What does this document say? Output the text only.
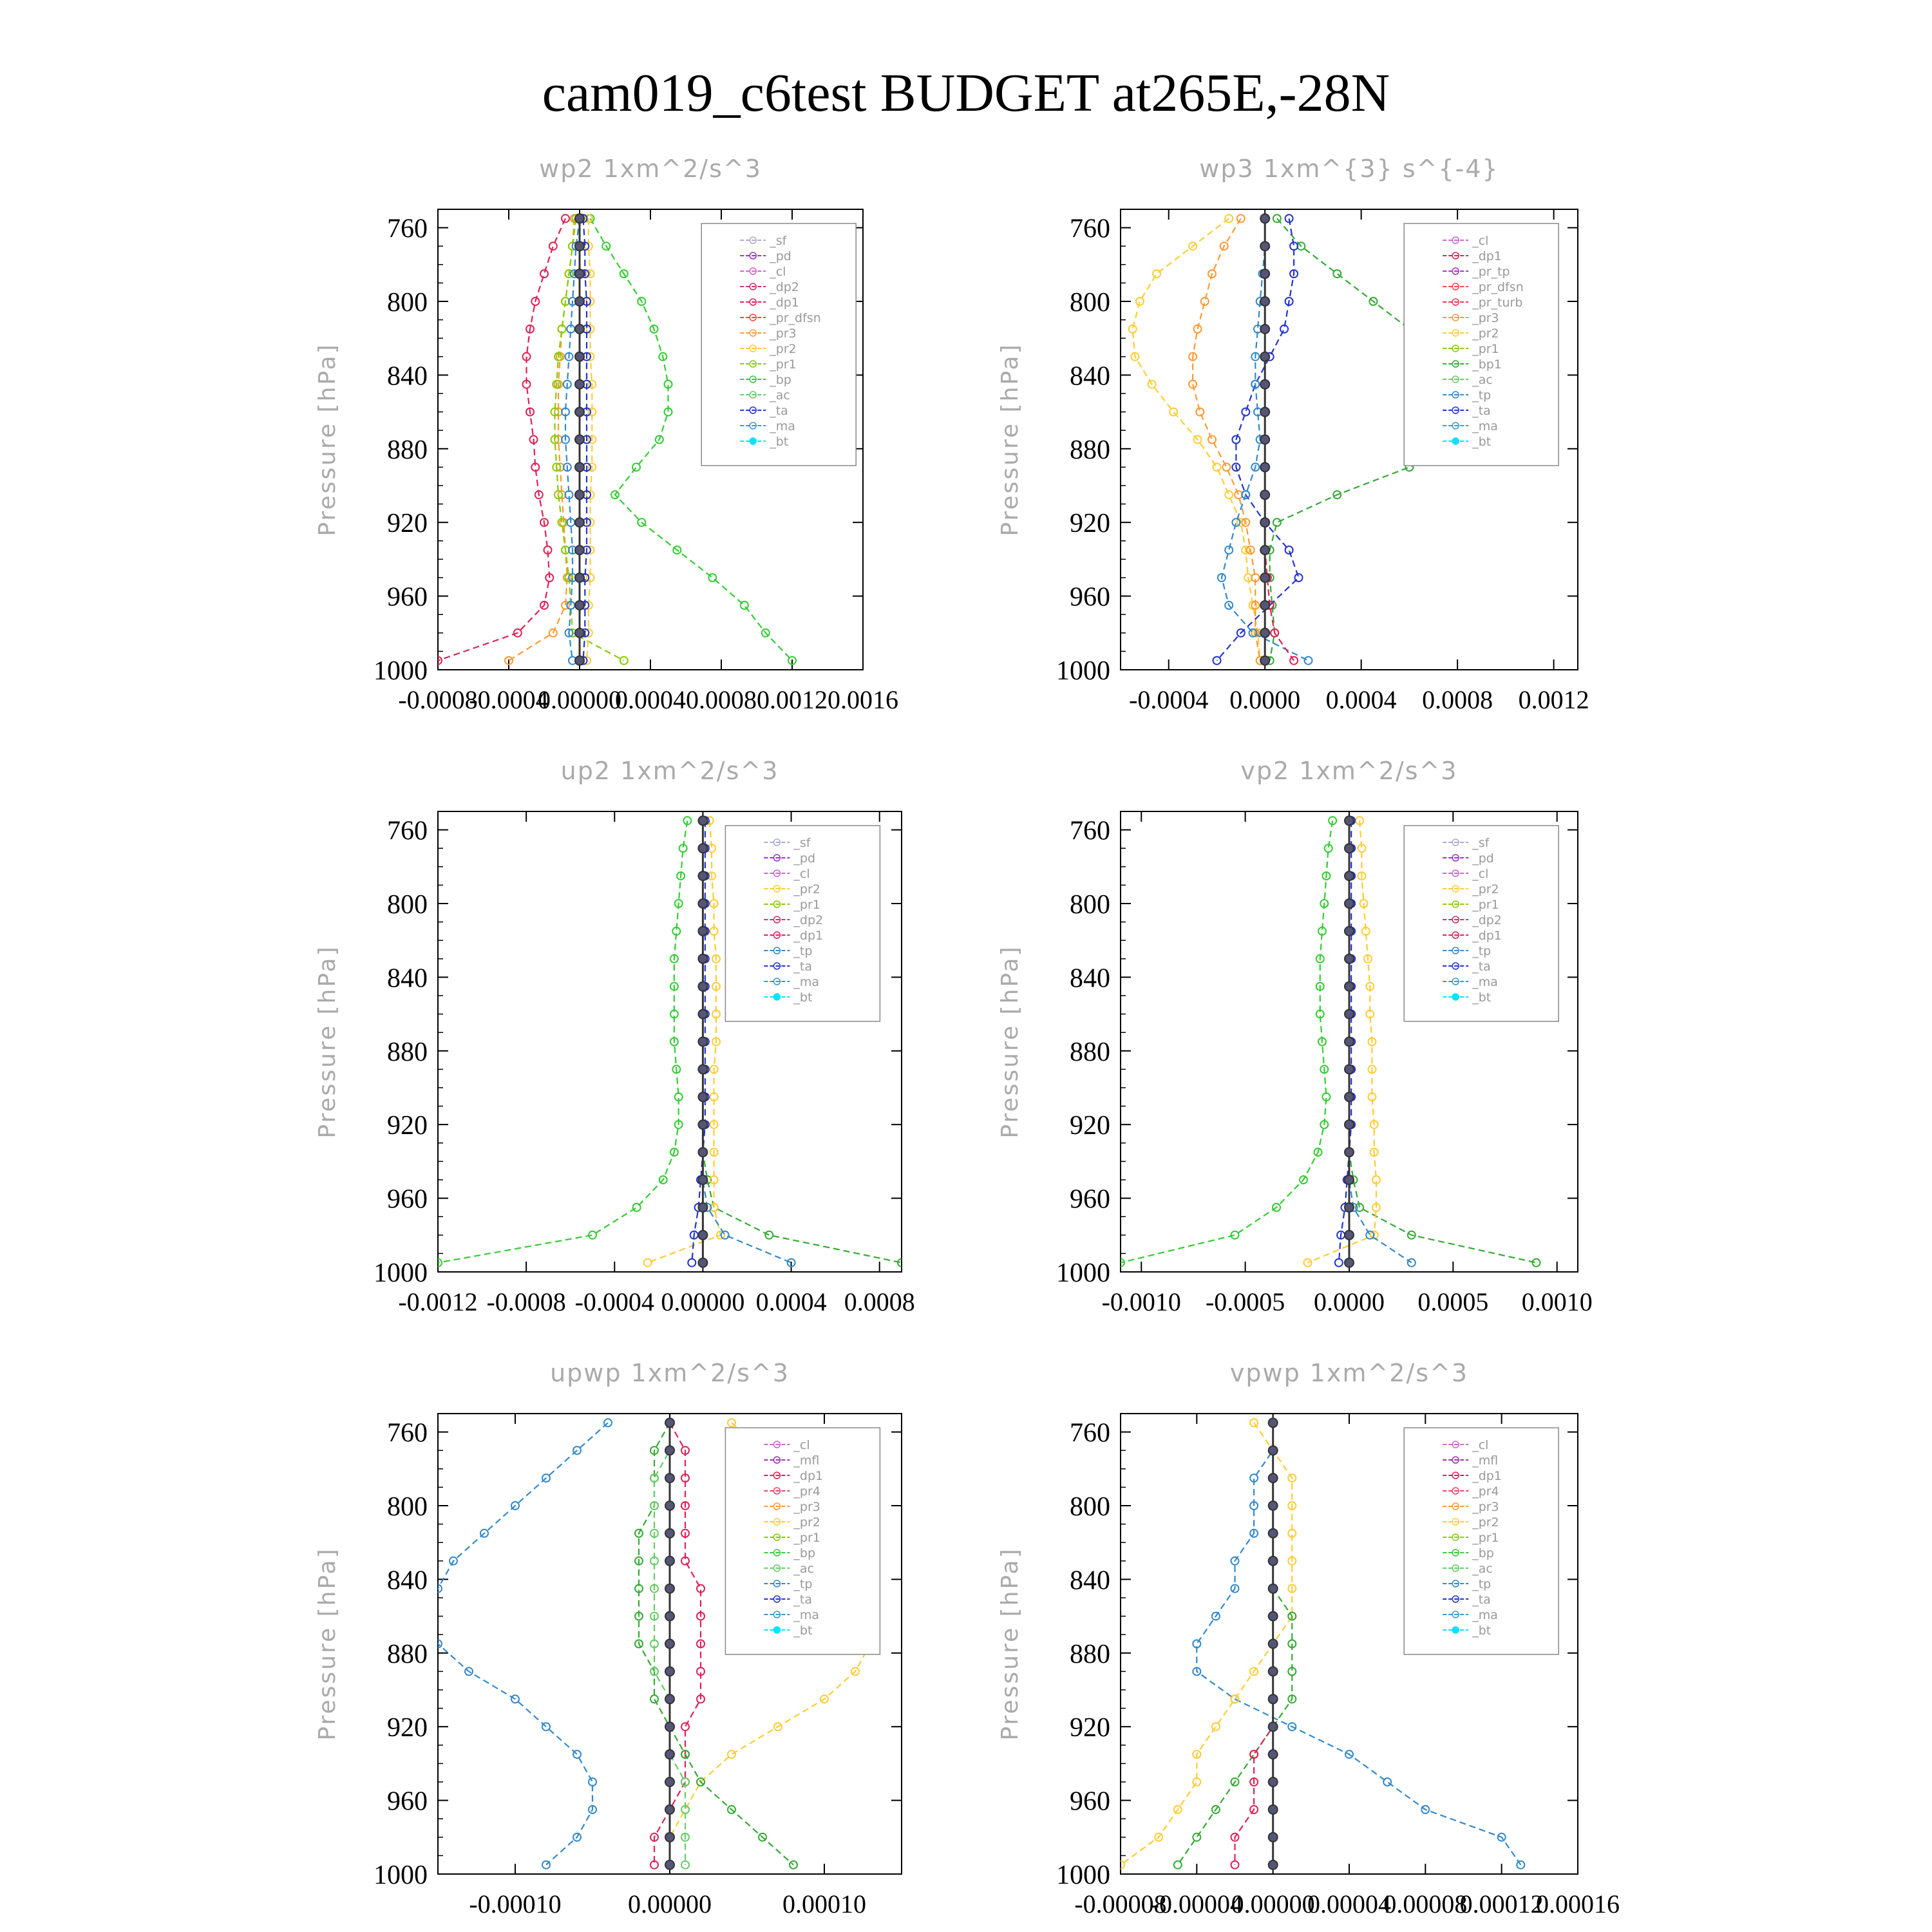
cam019_c6test BUDGET at265E,-28N
wp2 1xm^2/s^3
Pressure [hPa]
760
800
840
880
920
960
1000
-0.0008
-0.0004
0.00000
0.0004 0.0008 0.0012 0.0016
_sf
_pd
_cl
_dp2
_dp1
_pr_dfsn
_pr3
_pr2
_pr1
_bp
_ac
_ta
_ma
_bt
wp3 1xm^{3} s^{-4}
Pressure [hPa]
760
800
840
880
920
960
1000
-0.0004 0.0000 0.0004 0.0008 0.0012
_cl
_dp1
_pr_tp
_pr_dfsn
_pr_turb
_pr3
_pr2
_pr1
_bp1
_ac
_tp
_ta
_ma
_bt
up2 1xm^2/s^3
Pressure [hPa]
760
800
840
880
920
960
1000
-0.0012 -0.0008 -0.0004 0.00000 0.0004 0.0008
_sf
_pd
_cl
_pr2
_pr1
_dp2
_dp1
_tp
_ta
_ma
_bt
vp2 1xm^2/s^3
Pressure [hPa]
760
800
840
880
920
960
1000
-0.0010 -0.0005 0.0000 0.0005 0.0010
_sf
_pd
_cl
_pr2
_pr1
_dp2
_dp1
_tp
_ta
_ma
_bt
upwp 1xm^2/s^3
Pressure [hPa]
760
800
840
880
920
960
1000
-0.00010	0.00000	0.00010
_cl
_mfl
_dp1
_pr4
_pr3
_pr2
_pr1
_bp
_ac
_tp
_ta
_ma
_bt
vpwp 1xm^2/s^3
Pressure [hPa]
760
800
840
880
920
960
1000
-0.00008
-0.00004
0.00000
0.00004
0.00008
0.00012
0.00016
_cl
_mfl
_dp1
_pr4
_pr3
_pr2
_pr1
_bp
_ac
_tp
_ta
_ma
_bt
